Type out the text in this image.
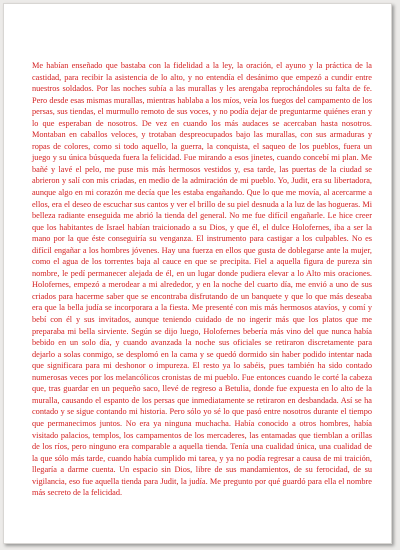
Me habían enseñado que bastaba con la fidelidad a la ley, la oración, el ayuno y la práctica de la castidad, para recibir la asistencia de lo alto, y no entendía el desánimo que empezó a cundir entre nuestros soldados. Por las noches subía a las murallas y les arengaba reprochándoles su falta de fe. Pero desde esas mismas murallas, mientras hablaba a los míos, veía los fuegos del campamento de los persas, sus tiendas, el murmullo remoto de sus voces, y no podía dejar de preguntarme quiénes eran y lo que esperaban de nosotros. De vez en cuando los más audaces se acercaban hasta nosotros. Montaban en caballos veloces, y trotaban despreocupados bajo las murallas, con sus armaduras y ropas de colores, como si todo aquello, la guerra, la conquista, el saqueo de los pueblos, fuera un juego y su única búsqueda fuera la felicidad. Fue mirando a esos jinetes, cuando concebí mi plan. Me bañé y lavé el pelo, me puse mis más hermosos vestidos y, esa tarde, las puertas de la ciudad se abrieron y salí con mis criadas, en medio de la admiración de mi pueblo. Yo, Judit, era su libertadora, aunque algo en mi corazón me decía que les estaba engañando. Que lo que me movía, al acercarme a ellos, era el deseo de escuchar sus cantos y ver el brillo de su piel desnuda a la luz de las hogueras. Mi belleza radiante enseguida me abrió la tienda del general. No me fue difícil engañarle. Le hice creer que los habitantes de Israel habían traicionado a su Dios, y que él, el dulce Holofernes, iba a ser la mano por la que éste conseguiría su venganza. El instrumento para castigar a los culpables. No es difícil engañar a los hombres jóvenes. Hay una fuerza en ellos que gusta de doblegarse ante la mujer, como el agua de los torrentes baja al cauce en que se precipita. Fiel a aquella figura de pureza sin nombre, le pedí permanecer alejada de él, en un lugar donde pudiera elevar a lo Alto mis oraciones. Holofernes, empezó a merodear a mi alrededor, y en la noche del cuarto día, me envió a uno de sus criados para hacerme saber que se encontraba disfrutando de un banquete y que lo que más deseaba era que la bella judía se incorporara a la fiesta. Me presenté con mis más hermosos atavíos, y comí y bebí con él y sus invitados, aunque teniendo cuidado de no ingerir más que los platos que me preparaba mi bella sirviente. Según se dijo luego, Holofernes bebería más vino del que nunca había bebido en un solo día, y cuando avanzada la noche sus oficiales se retiraron discretamente para dejarlo a solas conmigo, se desplomó en la cama y se quedó dormido sin haber podido intentar nada que significara para mi deshonor o impureza. El resto ya lo sabéis, pues también ha sido contado numerosas veces por los melancólicos cronistas de mi pueblo. Fue entonces cuando le corté la cabeza que, tras guardar en un pequeño saco, llevé de regreso a Betulia, donde fue expuesta en lo alto de la muralla, causando el espanto de los persas que inmediatamente se retiraron en desbandada. Así se ha contado y se sigue contando mi historia. Pero sólo yo sé lo que pasó entre nosotros durante el tiempo que permanecimos juntos. No era ya ninguna muchacha. Había conocido a otros hombres, había visitado palacios, templos, los campamentos de los mercaderes, las entamadas que tiemblan a orillas de los ríos, pero ninguno era comparable a aquella tienda. Tenía una cualidad única, una cualidad de la que sólo más tarde, cuando había cumplido mi tarea, y ya no podía regresar a causa de mi traición, llegaría a darme cuenta. Un espacio sin Dios, libre de sus mandamientos, de su ferocidad, de su vigilancia, eso fue aquella tienda para Judit, la judía. Me pregunto por qué guardó para ella el nombre más secreto de la felicidad.
